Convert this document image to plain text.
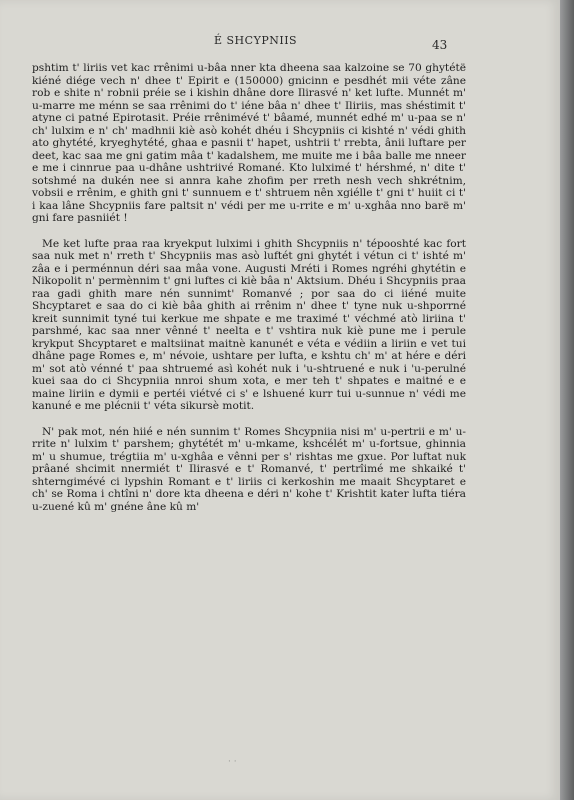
É SHCYPNIIS	43

pshtim t' liriis vet kac rrênimi u-bâa nner kta dheena saa kalzoine se 70 ghytétë kiéné diége vech n' dhee t' Epirit e (150000) gnicinn e pesdhét mii véte zâne rob e shite n' robnii préie se i kishin dhâne dore Ilirasvé n' ket lufte. Munnét m' u-marre me ménn se saa rrênimi do t' iéne bâa n' dhee t' Iliriis, mas shéstimit t' atyne ci patné Epirotasit. Préie rrênimévé t' bâamé, munnét edhé m' u-paa se n' ch' lulxim e n' ch' madhnii kiè asò kohét dhéu i Shcypniis ci kishté n' védi ghith ato ghytété, kryeghytété, ghaa e pasnii t' hapet, ushtrii t' rrebta, ânii luftare per deet, kac saa me gni gatim mâa t' kadalshem, me muite me i bâa balle me nneer e me i cinnrue paa u-dhâne ushtriivé Romané. Kto lulximé t' hérshmé, n' dite t' sotshmé na dukén nee si annra kahe zhofim per rreth nesh vech shkrétnim, vobsii e rrênim, e ghith gni t' sunnuem e t' shtruem nên xgiélle t' gni t' huiit ci t' i kaa lâne Shcypniis fare paltsit n' védi per me u-rrite e m' u-xghâa nno barë m' gni fare pasniiét !

Me ket lufte praa raa kryekput lulximi i ghith Shcypniis n' tépooshté kac fort saa nuk met n' rreth t' Shcypniis mas asò luftét gni ghytét i vétun ci t' ishté m' zâa e i perménnun déri saa mâa vone. Augusti Mréti i Romes ngréhi ghytétin e Nikopolit n' permènnim t' gni luftes ci kiè bâa n' Aktsium. Dhéu i Shcypniis praa raa gadi ghith mare nén sunnimt' Romanvé ; por saa do ci iiéné muite Shcyptaret e saa do ci kiè bâa ghith ai rrênim n' dhee t' tyne nuk u-shporrné kreit sunnimit tyné tui kerkue me shpate e me traximé t' véchmé atò liriina t' parshmé, kac saa nner vênné t' neelta e t' vshtira nuk kiè pune me i perule krykput Shcyptaret e maltsiinat maitnè kanunét e véta e védiin a liriin e vet tui dhâne page Romes e, m' névoie, ushtare per lufta, e kshtu ch' m' at hére e déri m' sot atò vénné t' paa shtruemé asì kohét nuk i 'u-shtruené e nuk i 'u-perulné kuei saa do ci Shcypniia nnroi shum xota, e mer teh t' shpates e maitné e e maine liriin e dymii e pertéi viétvé ci s' e lshuené kurr tui u-sunnue n' védi me kanuné e me plécnii t' véta sikursè motit.

N' pak mot, nén hiié e nén sunnim t' Romes Shcypniia nisi m' u-pertrii e m' u-rrite n' lulxim t' parshem; ghytétét m' u-mkame, kshcélét m' u-fortsue, ghinnia m' u shumue, trégtiia m' u-xghâa e vênni per s' rishtas me gxue. Por luftat nuk prâané shcimit nnermiét t' Ilirasvé e t' Romanvé, t' pertrîimé me shkaiké t' shterngimévé ci lypshin Romant e t' liriis ci kerkoshin me maait Shcyptaret e ch' se Roma i chtîni n' dore kta dheena e déri n' kohe t' Krishtit kater lufta tiéra u-zuené kû m' gnéne âne kû m'

· ·
